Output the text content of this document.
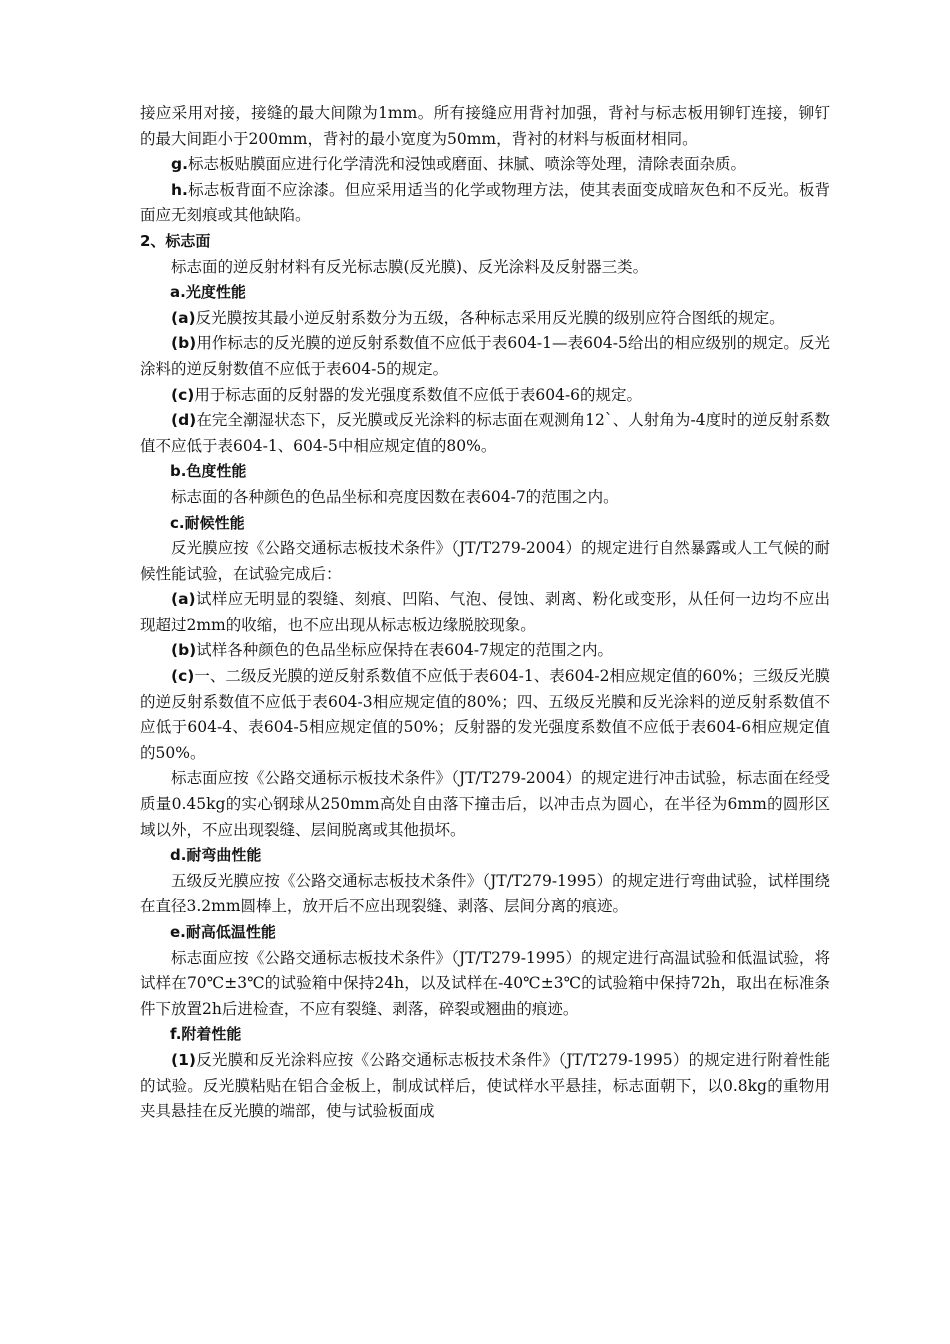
接应采用对接，接缝的最大间隙为1mm。所有接缝应用背衬加强，背衬与标志板用铆钉连接，铆钉的最大间距小于200mm，背衬的最小宽度为50mm，背衬的材料与板面材相同。

g.标志板贴膜面应进行化学清洗和浸蚀或磨面、抹腻、喷涂等处理，清除表面杂质。

h.标志板背面不应涂漆。但应采用适当的化学或物理方法，使其表面变成暗灰色和不反光。板背面应无刻痕或其他缺陷。

2、标志面

标志面的逆反射材料有反光标志膜(反光膜)、反光涂料及反射器三类。

a.光度性能

(a)反光膜按其最小逆反射系数分为五级，各种标志采用反光膜的级别应符合图纸的规定。

(b)用作标志的反光膜的逆反射系数值不应低于表604-1—表604-5给出的相应级别的规定。反光涂料的逆反射数值不应低于表604-5的规定。

(c)用于标志面的反射器的发光强度系数值不应低于表604-6的规定。

(d)在完全潮湿状态下，反光膜或反光涂料的标志面在观测角12`、人射角为-4度时的逆反射系数值不应低于表604-1、604-5中相应规定值的80%。

b.色度性能

标志面的各种颜色的色品坐标和亮度因数在表604-7的范围之内。

c.耐候性能

反光膜应按《公路交通标志板技术条件》（JT/T279-2004）的规定进行自然暴露或人工气候的耐候性能试验，在试验完成后：

(a)试样应无明显的裂缝、刻痕、凹陷、气泡、侵蚀、剥离、粉化或变形，从任何一边均不应出现超过2mm的收缩，也不应出现从标志板边缘脱胶现象。

(b)试样各种颜色的色品坐标应保持在表604-7规定的范围之内。

(c)一、二级反光膜的逆反射系数值不应低于表604-1、表604-2相应规定值的60%；三级反光膜的逆反射系数值不应低于表604-3相应规定值的80%；四、五级反光膜和反光涂料的逆反射系数值不应低于604-4、表604-5相应规定值的50%；反射器的发光强度系数值不应低于表604-6相应规定值的50%。

标志面应按《公路交通标示板技术条件》（JT/T279-2004）的规定进行冲击试验，标志面在经受质量0.45kg的实心钢球从250mm高处自由落下撞击后，以冲击点为圆心，在半径为6mm的圆形区域以外，不应出现裂缝、层间脱离或其他损坏。

d.耐弯曲性能

五级反光膜应按《公路交通标志板技术条件》（JT/T279-1995）的规定进行弯曲试验，试样围绕在直径3.2mm圆棒上，放开后不应出现裂缝、剥落、层间分离的痕迹。

e.耐高低温性能

标志面应按《公路交通标志板技术条件》（JT/T279-1995）的规定进行高温试验和低温试验，将试样在70℃±3℃的试验箱中保持24h，以及试样在-40℃±3℃的试验箱中保持72h，取出在标准条件下放置2h后进检查，不应有裂缝、剥落，碎裂或翘曲的痕迹。

f.附着性能

(1)反光膜和反光涂料应按《公路交通标志板技术条件》（JT/T279-1995）的规定进行附着性能的试验。反光膜粘贴在铝合金板上，制成试样后，使试样水平悬挂，标志面朝下，以0.8kg的重物用夹具悬挂在反光膜的端部，使与试验板面成
